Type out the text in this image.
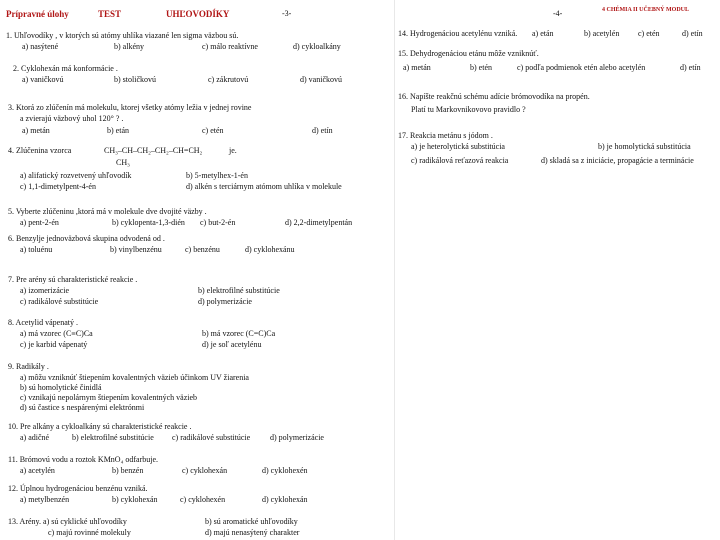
Prípravné úlohy	TEST	UHĽOVODÍKY	-3-
1. Uhľovodíky , v ktorých sú atómy uhlíka viazané len sigma väzbou sú.
a) nasýtené	b) alkény	c) málo reaktívne	d) cykloalkány
2. Cyklohexán má konformácie .
a) vaničkovú	b) stoličkovú	c) zákrutovú	d) vaničkovú
3. Ktorá zo zlúčenín má molekulu, ktorej všetky atómy ležia v jednej rovine
a zvierajú väzbový uhol 120° ? .
a) metán	b) etán	c) etén	d) etín
4. Zlúčenina vzorca	CH₃–CH–CH₂–CH₂–CH=CH₂
CH₃
je.
a) alifatický rozvetvený uhľovodík	b) 5-metylhex-1-én
c) 1,1-dimetylpent-4-én	d) alkén s terciárnym atómom uhlíka v molekule
5. Vyberte zlúčeninu ,ktorá má v molekule dve dvojité väzby .
a) pent-2-én	b) cyklopenta-1,3-dién c) but-2-én	d) 2,2-dimetylpentán
6. Benzylje jednoväzbová skupina odvodená od .
a) toluénu	b) vinylbenzénu	c) benzénu	d) cyklohexánu
7. Pre arény sú charakteristické reakcie .
a) izomerizácie	b) elektrofilné substitúcie
c) radikálové substitúcie	d) polymerizácie
8. Acetylid vápenatý .
a) má vzorec (C≡C)Ca	b) má vzorec (C=C)Ca
c) je karbid vápenatý	d) je soľ acetylénu
9. Radikály .
a) môžu vzniknúť štiepením kovalentných väzieb účinkom UV žiarenia
b) sú homolytické činidlá
c) vznikajú nepolárnym štiepením kovalentných väzieb
d) sú častice s nespárenými elektrónmi
10. Pre alkány a cykloalkány sú charakteristické reakcie .
a) adičné	b) elektrofilné substitúcie c) radikálové substitúcie d) polymerizácie
11. Brómovú vodu a roztok KMnO₄ odfarbuje.
a) acetylén	b) benzén	c) cyklohexán	d) cyklohexén
12. Úplnou hydrogenáciou benzénu vzniká.
a) metylbenzén	b) cyklohexán	c) cyklohexén	d) cyklohexán
13. Arény. a) sú cyklické uhľovodíky	b) sú aromatické uhľovodíky
c) majú rovinné molekuly	d) majú nenasýtený charakter
-4-	4 CHÉMIA II UČEBNÝ MODUL
14. Hydrogenáciou acetylénu vzniká. a) etán	b) acetylén c) etén	d) etín
15. Dehydrogenáciou etánu môže vzniknúť.
a) metán	b) etén	c) podľa podmienok etén alebo acetylén	d) etín
16. Napíšte reakčnú schému adície brómovodíka na propén.
Platí tu Markovnikovovo pravidlo ?
17. Reakcia metánu s jódom .
a) je heterolytická substitúcia	b) je homolytická substitúcia
c) radikálová reťazová reakcia	d) skladá sa z iniciácie, propagácie a terminácie
